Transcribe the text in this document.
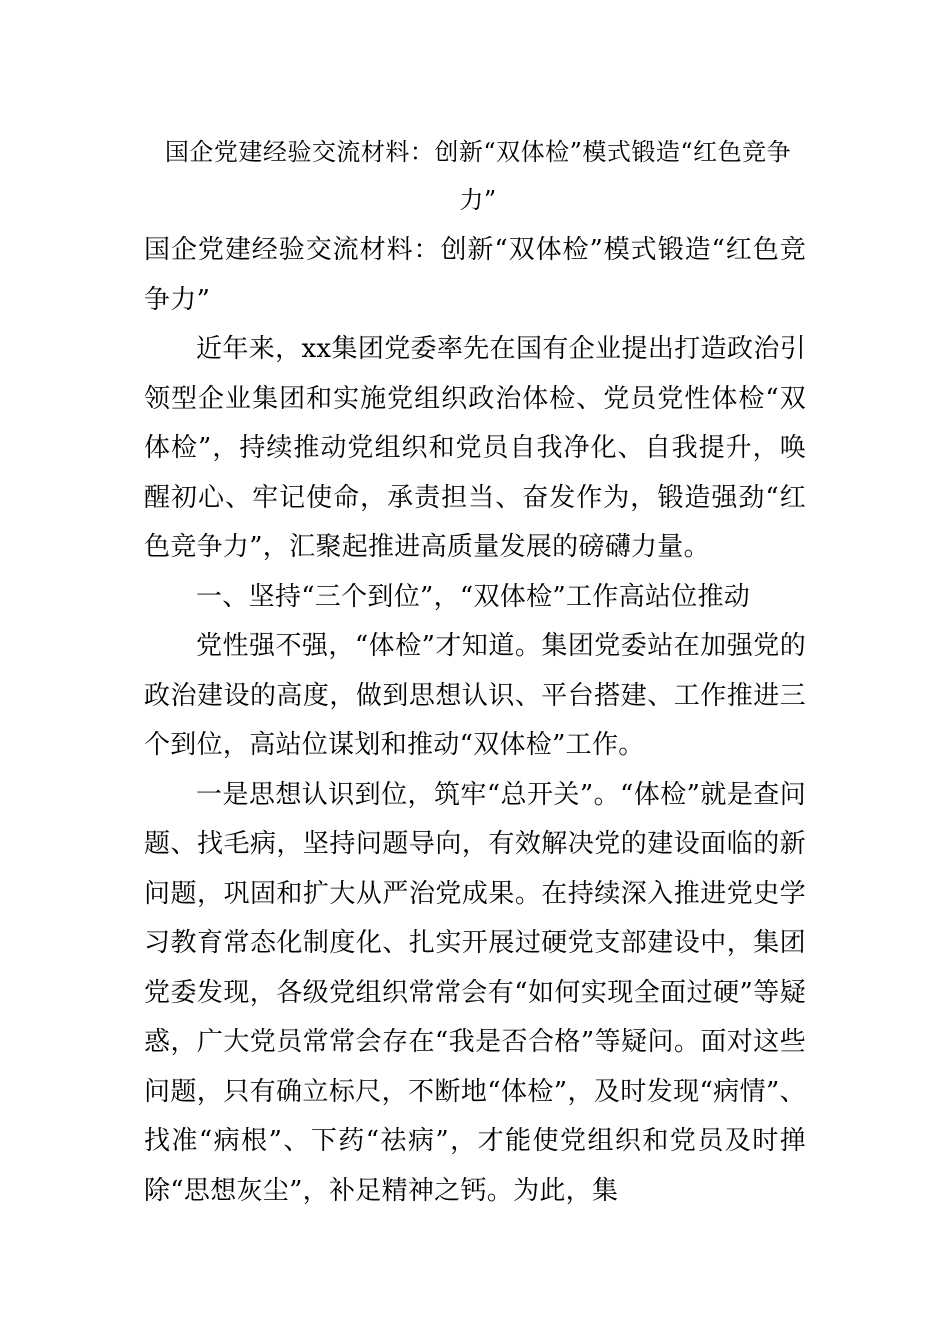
国企党建经验交流材料：创新“双体检”模式锻造“红色竞争力”

国企党建经验交流材料：创新“双体检”模式锻造“红色竞争力”

近年来，xx集团党委率先在国有企业提出打造政治引领型企业集团和实施党组织政治体检、党员党性体检“双体检”，持续推动党组织和党员自我净化、自我提升，唤醒初心、牢记使命，承责担当、奋发作为，锻造强劲“红色竞争力”，汇聚起推进高质量发展的磅礴力量。

一、坚持“三个到位”，“双体检”工作高站位推动

党性强不强，“体检”才知道。集团党委站在加强党的政治建设的高度，做到思想认识、平台搭建、工作推进三个到位，高站位谋划和推动“双体检”工作。

一是思想认识到位，筑牢“总开关”。“体检”就是查问题、找毛病，坚持问题导向，有效解决党的建设面临的新问题，巩固和扩大从严治党成果。在持续深入推进党史学习教育常态化制度化、扎实开展过硬党支部建设中，集团党委发现，各级党组织常常会有“如何实现全面过硬”等疑惑，广大党员常常会存在“我是否合格”等疑问。面对这些问题，只有确立标尺，不断地“体检”，及时发现“病情”、找准“病根”、下药“祛病”，才能使党组织和党员及时掸除“思想灰尘”，补足精神之钙。为此，集
